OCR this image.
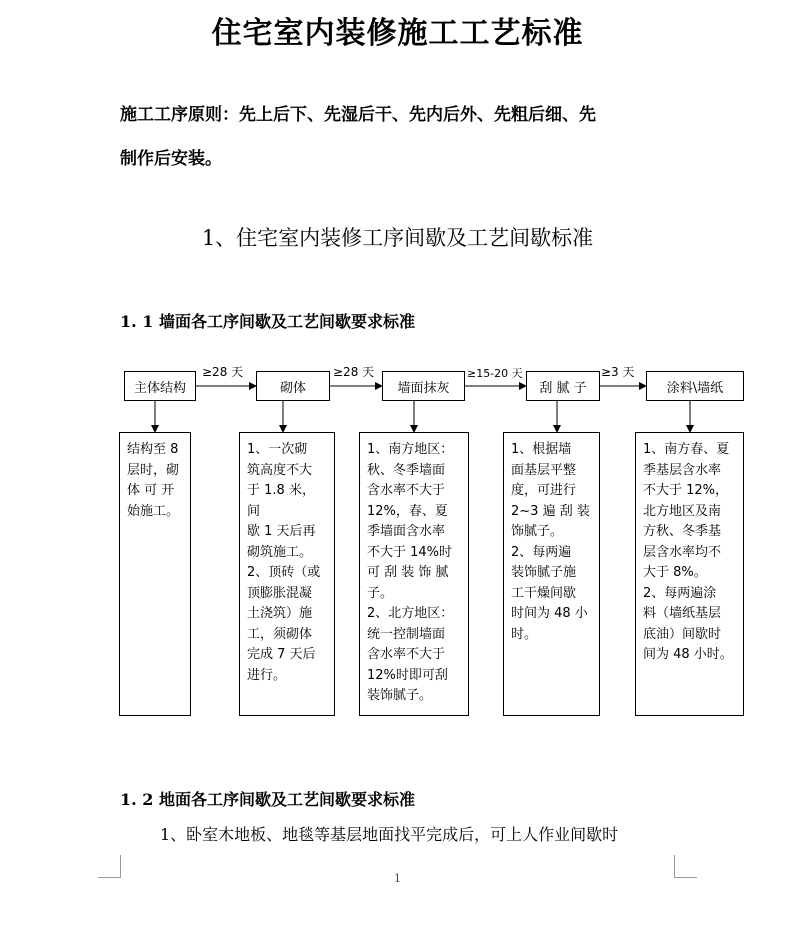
住宅室内装修施工工艺标准
施工工序原则：先上后下、先湿后干、先内后外、先粗后细、先
制作后安装。
1、住宅室内装修工序间歇及工艺间歇标准
1. 1 墙面各工序间歇及工艺间歇要求标准
≥28 天	≥28 天	≥15-20 天	≥3 天
主体结构	砌体	墙面抹灰	刮 腻 子	涂料\墙纸
结构至 8
层时，砌
体 可 开
始施工。
1、一次砌
筑高度不大
于 1.8 米，间
歇 1 天后再
砌筑施工。
2、顶砖（或
顶膨胀混凝
土浇筑）施
工，须砌体
完成 7 天后
进行。
1、南方地区：
秋、冬季墙面
含水率不大于
12%，春、夏
季墙面含水率
不大于 14%时
可 刮 装 饰 腻
子。
2、北方地区：
统一控制墙面
含水率不大于
12%时即可刮
装饰腻子。
1、根据墙
面基层平整
度，可进行
2~3 遍 刮 装
饰腻子。
2、每两遍
装饰腻子施
工干燥间歇
时间为 48 小
时。
1、南方春、夏
季基层含水率
不大于 12%，
北方地区及南
方秋、冬季基
层含水率均不
大于 8%。
2、每两遍涂
料（墙纸基层
底油）间歇时
间为 48 小时。
1. 2 地面各工序间歇及工艺间歇要求标准
1、卧室木地板、地毯等基层地面找平完成后，可上人作业间歇时
1
